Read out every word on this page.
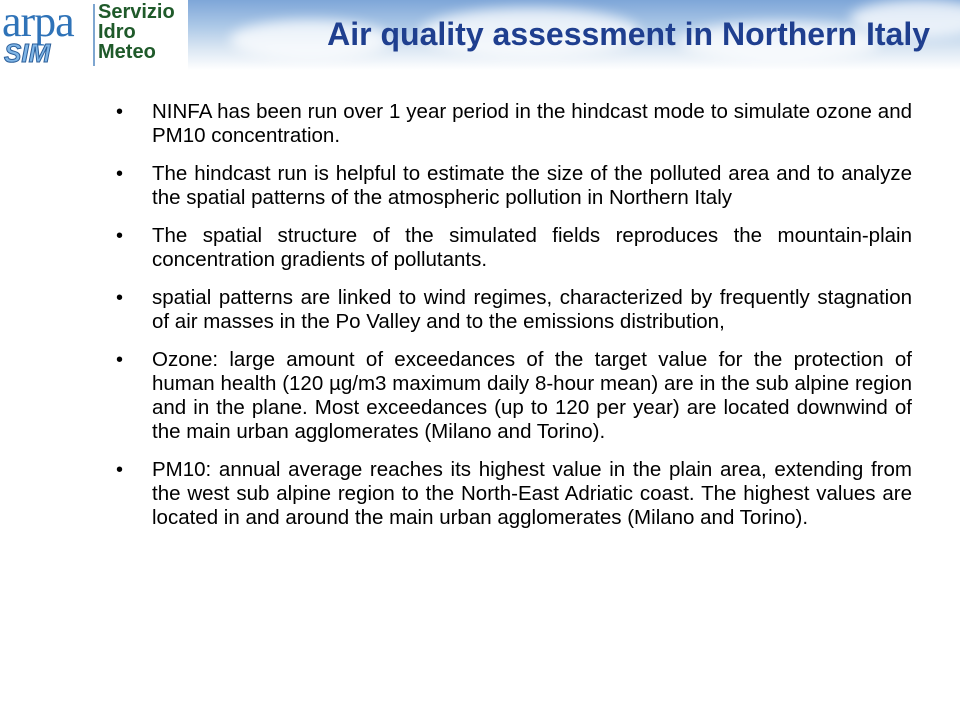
arpa
SIM
Servizio
Idro
Meteo	Air quality assessment in Northern Italy
• NINFA has been run over 1 year period in the hindcast mode to simulate ozone and PM10 concentration.
• The hindcast run is helpful to estimate the size of the polluted area and to analyze the spatial patterns of the atmospheric pollution in Northern Italy
• The spatial structure of the simulated fields reproduces the mountain-plain concentration gradients of pollutants.
• spatial patterns are linked to wind regimes, characterized by frequently stagnation of air masses in the Po Valley and to the emissions distribution,
• Ozone: large amount of exceedances of the target value for the protection of human health (120 µg/m3 maximum daily 8-hour mean) are in the sub alpine region and in the plane. Most exceedances (up to 120 per year) are located downwind of the main urban agglomerates (Milano and Torino).
• PM10: annual average reaches its highest value in the plain area, extending from the west sub alpine region to the North-East Adriatic coast. The highest values are located in and around the main urban agglomerates (Milano and Torino).
